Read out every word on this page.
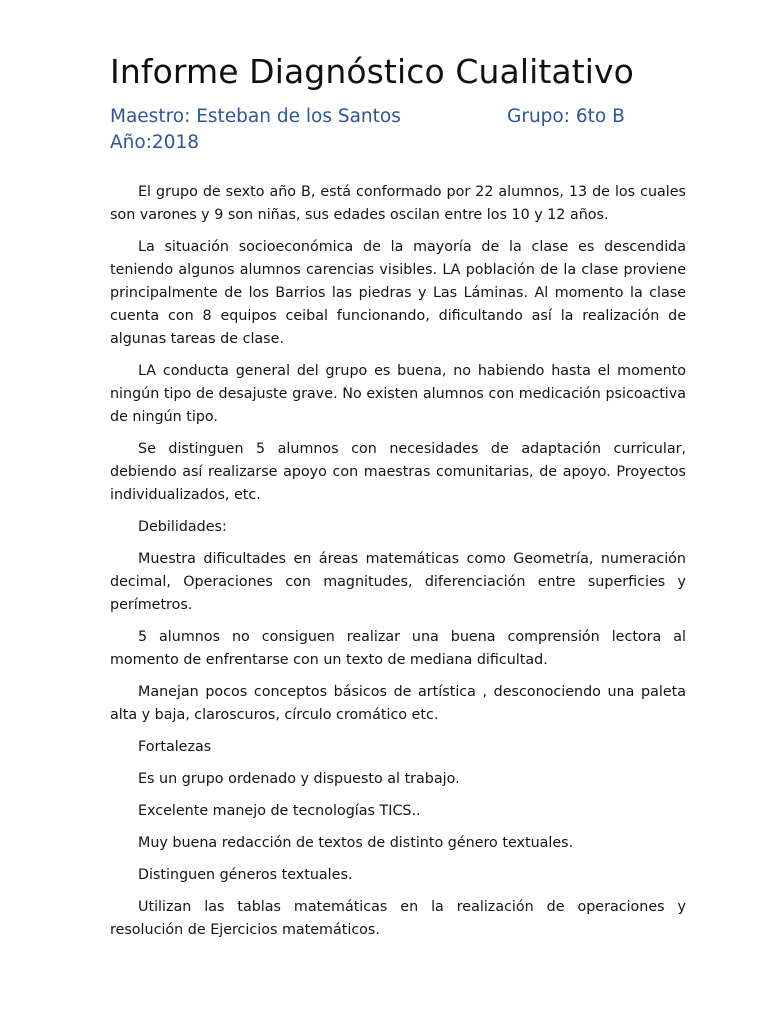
Informe Diagnóstico Cualitativo
Maestro: Esteban de los Santos	Grupo: 6to B
Año:2018

El grupo de sexto año B, está conformado por 22 alumnos, 13 de los cuales son varones y 9 son niñas, sus edades oscilan entre los 10 y 12 años.

La situación socioeconómica de la mayoría de la clase es descendida teniendo algunos alumnos carencias visibles. LA población de la clase proviene principalmente de los Barrios las piedras y Las Láminas. Al momento la clase cuenta con 8 equipos ceibal funcionando, dificultando así la realización de algunas tareas de clase.

LA conducta general del grupo es buena, no habiendo hasta el momento ningún tipo de desajuste grave. No existen alumnos con medicación psicoactiva de ningún tipo.

Se distinguen 5 alumnos con necesidades de adaptación curricular, debiendo así realizarse apoyo con maestras comunitarias, de apoyo. Proyectos individualizados, etc.

Debilidades:

Muestra dificultades en áreas matemáticas como Geometría, numeración decimal, Operaciones con magnitudes, diferenciación entre superficies y perímetros.

5 alumnos no consiguen realizar una buena comprensión lectora al momento de enfrentarse con un texto de mediana dificultad.

Manejan pocos conceptos básicos de artística , desconociendo una paleta alta y baja, claroscuros, círculo cromático etc.

Fortalezas

Es un grupo ordenado y dispuesto al trabajo.

Excelente manejo de tecnologías TICS..

Muy buena redacción de textos de distinto género textuales.

Distinguen géneros textuales.

Utilizan las tablas matemáticas en la realización de operaciones y resolución de Ejercicios matemáticos.
